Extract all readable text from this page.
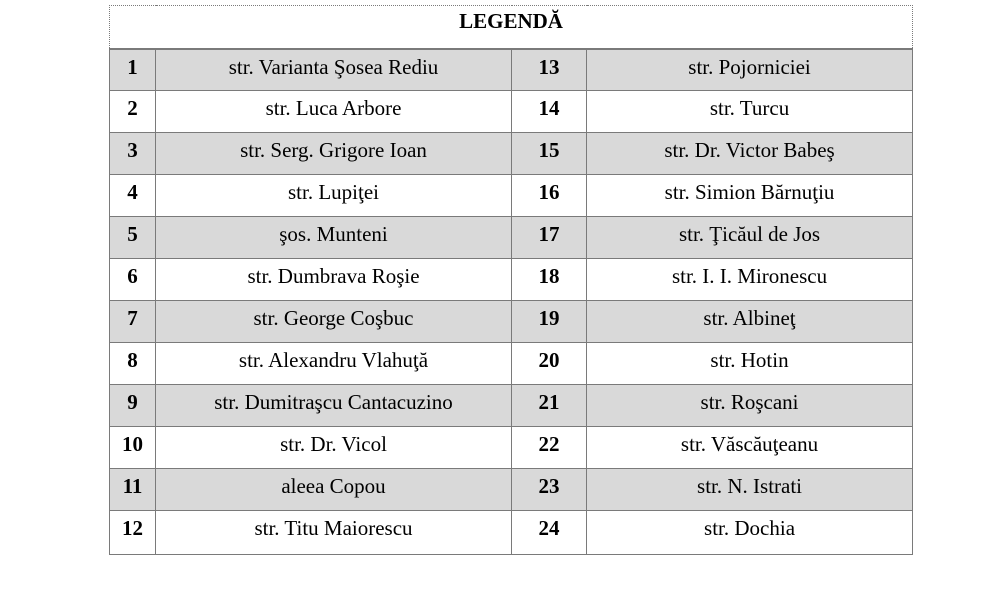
LEGENDĂ			
1	str. Varianta Şosea Rediu	13	str. Pojorniciei
2	str. Luca Arbore	14	str. Turcu
3	str. Serg. Grigore Ioan	15	str. Dr. Victor Babeş
4	str. Lupiţei	16	str. Simion Bărnuţiu
5	şos. Munteni	17	str. Ţicăul de Jos
6	str. Dumbrava Roşie	18	str. I. I. Mironescu
7	str. George Coşbuc	19	str. Albineţ
8	str. Alexandru Vlahuţă	20	str. Hotin
9	str. Dumitraşcu Cantacuzino	21	str. Roşcani
10	str. Dr. Vicol	22	str. Văscăuţeanu
11	aleea Copou	23	str. N. Istrati
12	str. Titu Maiorescu	24	str. Dochia
